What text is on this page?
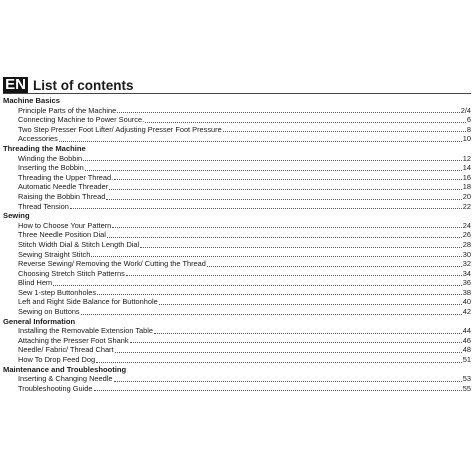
EN List of contents
Machine Basics
Principle Parts of the Machine	2/4
Connecting Machine to Power Source.	6
Two Step Presser Foot Lifter/ Adjusting Presser Foot Pressure	8
Accessories	10
Threading the Machine
Winding the Bobbin	12
Inserting the Bobbin	14
Threading the Upper Thread.	16
Automatic Needle Threader	18
Raising the Bobbin Thread	20
Thread Tension	22
Sewing
How to Choose Your Pattern	24
Three Needle Position Dial	26
Stitch Width Dial & Stitch Length Dial	28
Sewing Straight Stitch	30
Reverse Sewing/ Removing the Work/ Cutting the Thread	32
Choosing Stretch Stitch Patterns	34
Blind Hem	36
Sew 1-step Buttonholes	38
Left and Right Side Balance for Buttonhole	40
Sewing on Buttons	42
General Information
Installing the Removable Extension Table	44
Attaching the Presser Foot Shank	46
Needle/ Fabric/ Thread Chart	48
How To Drop Feed Dog	51
Maintenance and Troubleshooting
Inserting & Changing Needle	53
Troubleshooting Guide	55
